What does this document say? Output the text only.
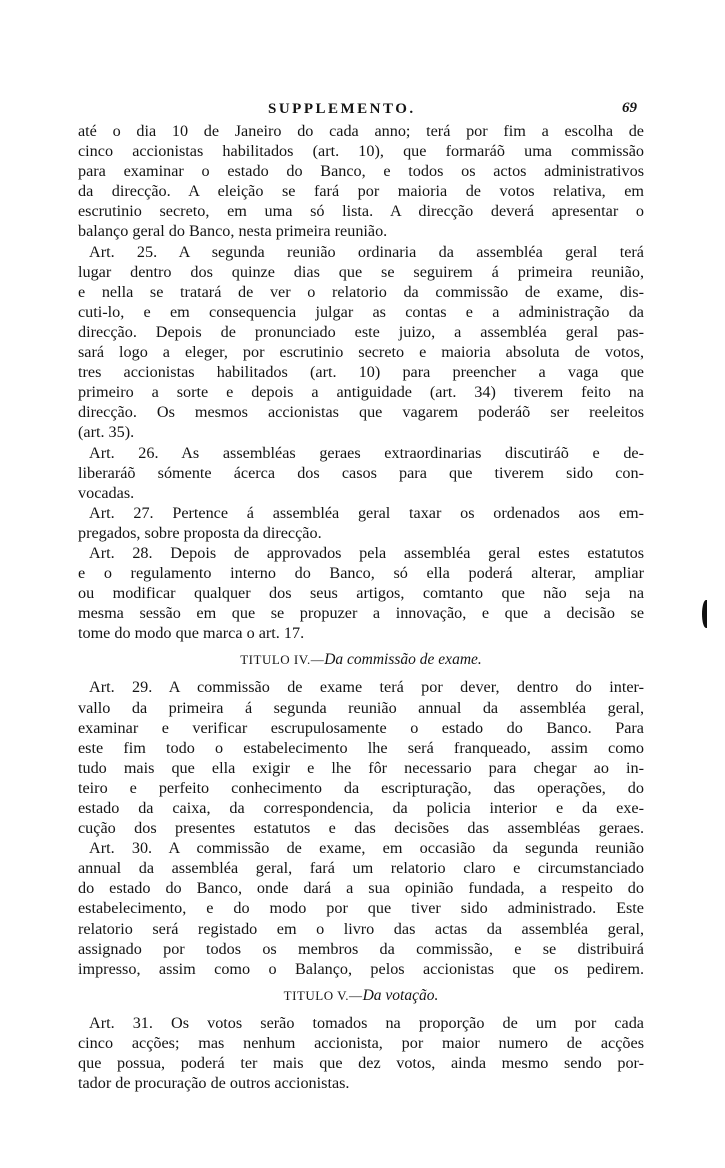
SUPPLEMENTO.	69
até o dia 10 de Janeiro do cada anno; terá por fim a escolha de
cinco accionistas habilitados (art. 10), que formaráõ uma commissão
para examinar o estado do Banco, e todos os actos administrativos
da direcção. A eleição se fará por maioria de votos relativa, em
escrutinio secreto, em uma só lista. A direcção deverá apresentar o
balanço geral do Banco, nesta primeira reunião.
Art. 25. A segunda reunião ordinaria da assembléa geral terá
lugar dentro dos quinze dias que se seguirem á primeira reunião,
e nella se tratará de ver o relatorio da commissão de exame, dis-
cuti-lo, e em consequencia julgar as contas e a administração da
direcção. Depois de pronunciado este juizo, a assembléa geral pas-
sará logo a eleger, por escrutinio secreto e maioria absoluta de votos,
tres accionistas habilitados (art. 10) para preencher a vaga que
primeiro a sorte e depois a antiguidade (art. 34) tiverem feito na
direcção. Os mesmos accionistas que vagarem poderáõ ser reeleitos
(art. 35).
Art. 26. As assembléas geraes extraordinarias discutiráõ e de-
liberaráõ sómente ácerca dos casos para que tiverem sido con-
vocadas.
Art. 27. Pertence á assembléa geral taxar os ordenados aos em-
pregados, sobre proposta da direcção.
Art. 28. Depois de approvados pela assembléa geral estes estatutos
e o regulamento interno do Banco, só ella poderá alterar, ampliar
ou modificar qualquer dos seus artigos, comtanto que não seja na
mesma sessão em que se propuzer a innovação, e que a decisão se
tome do modo que marca o art. 17.
TITULO IV.—Da commissão de exame.
Art. 29. A commissão de exame terá por dever, dentro do inter-
vallo da primeira á segunda reunião annual da assembléa geral,
examinar e verificar escrupulosamente o estado do Banco. Para
este fim todo o estabelecimento lhe será franqueado, assim como
tudo mais que ella exigir e lhe fôr necessario para chegar ao in-
teiro e perfeito conhecimento da escripturação, das operações, do
estado da caixa, da correspondencia, da policia interior e da exe-
cução dos presentes estatutos e das decisões das assembléas geraes.
Art. 30. A commissão de exame, em occasião da segunda reunião
annual da assembléa geral, fará um relatorio claro e circumstanciado
do estado do Banco, onde dará a sua opinião fundada, a respeito do
estabelecimento, e do modo por que tiver sido administrado. Este
relatorio será registado em o livro das actas da assembléa geral,
assignado por todos os membros da commissão, e se distribuirá
impresso, assim como o Balanço, pelos accionistas que os pedirem.
TITULO V.—Da votação.
Art. 31. Os votos serão tomados na proporção de um por cada
cinco acções; mas nenhum accionista, por maior numero de acções
que possua, poderá ter mais que dez votos, ainda mesmo sendo por-
tador de procuração de outros accionistas.
